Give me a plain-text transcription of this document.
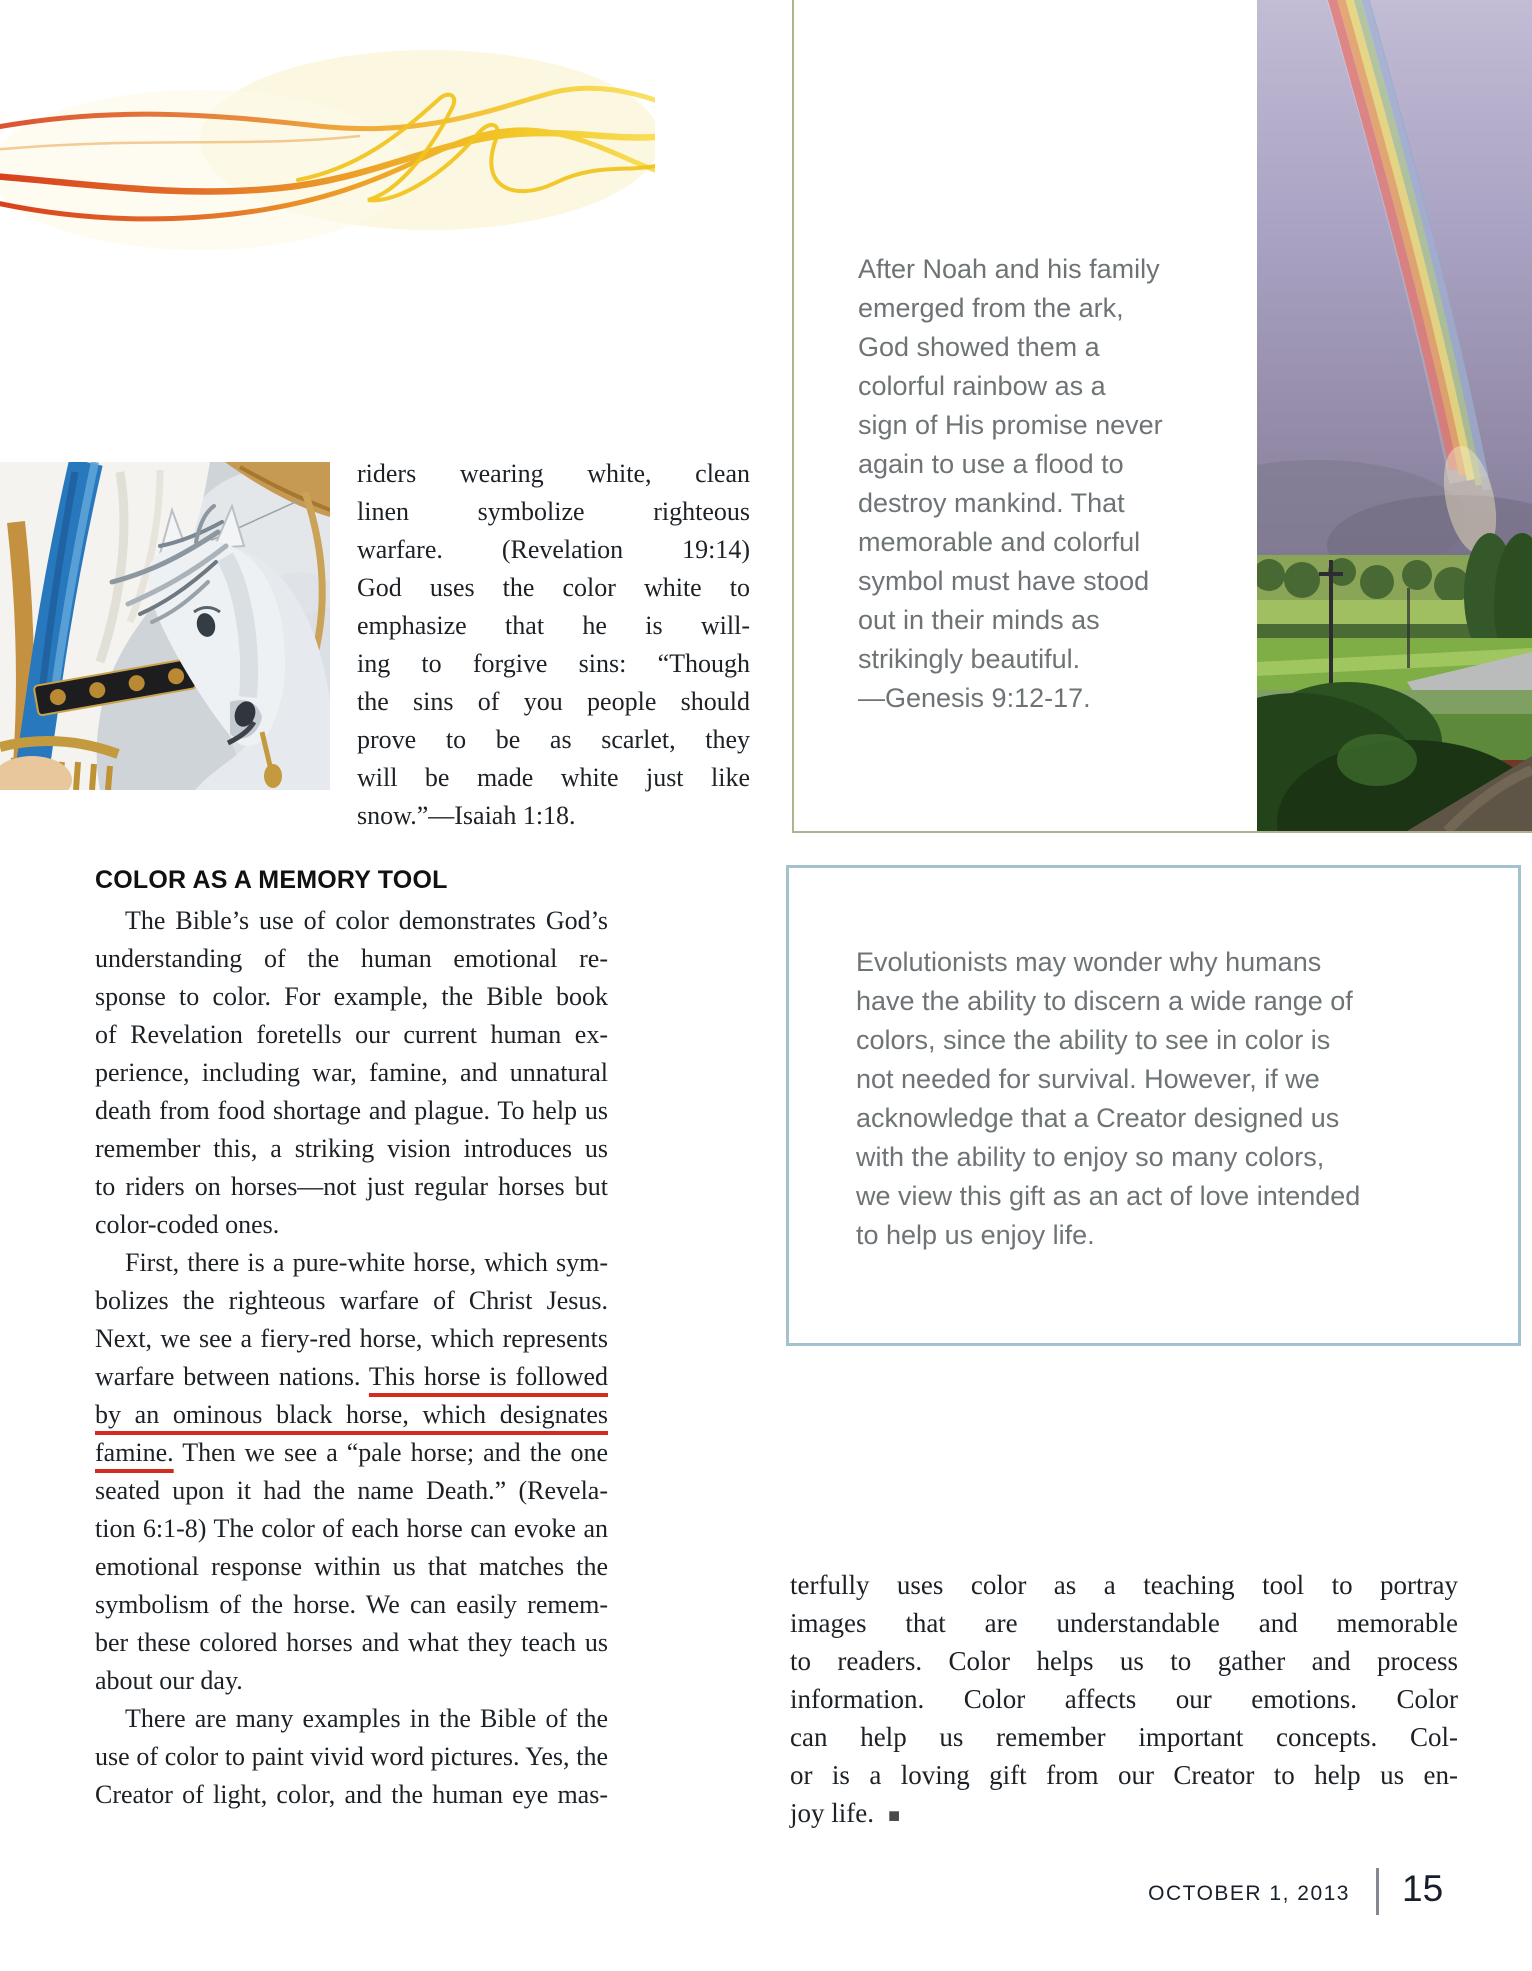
riders wearing white, clean
linen symbolize righteous
warfare. (Revelation 19:14)
God uses the color white to
emphasize that he is will-
ing to forgive sins: “Though
the sins of you people should
prove to be as scarlet, they
will be made white just like
snow.”—Isaiah 1:18.
COLOR AS A MEMORY TOOL
The Bible’s use of color demonstrates God’s
understanding of the human emotional re-
sponse to color. For example, the Bible book
of Revelation foretells our current human ex-
perience, including war, famine, and unnatural
death from food shortage and plague. To help us
remember this, a striking vision introduces us
to riders on horses—not just regular horses but
color-coded ones.
First, there is a pure-white horse, which sym-
bolizes the righteous warfare of Christ Jesus.
Next, we see a fiery-red horse, which represents
warfare between nations. This horse is followed
by an ominous black horse, which designates
famine. Then we see a “pale horse; and the one
seated upon it had the name Death.” (Revela-
tion 6:1-8) The color of each horse can evoke an
emotional response within us that matches the
symbolism of the horse. We can easily remem-
ber these colored horses and what they teach us
about our day.
There are many examples in the Bible of the
use of color to paint vivid word pictures. Yes, the
Creator of light, color, and the human eye mas-
After Noah and his family
emerged from the ark,
God showed them a
colorful rainbow as a
sign of His promise never
again to use a flood to
destroy mankind. That
memorable and colorful
symbol must have stood
out in their minds as
strikingly beautiful.
—Genesis 9:12-17.
Evolutionists may wonder why humans
have the ability to discern a wide range of
colors, since the ability to see in color is
not needed for survival. However, if we
acknowledge that a Creator designed us
with the ability to enjoy so many colors,
we view this gift as an act of love intended
to help us enjoy life.
terfully uses color as a teaching tool to portray
images that are understandable and memorable
to readers. Color helps us to gather and process
information. Color affects our emotions. Color
can help us remember important concepts. Col-
or is a loving gift from our Creator to help us en-
joy life. ■
OCTOBER 1, 2013 15
